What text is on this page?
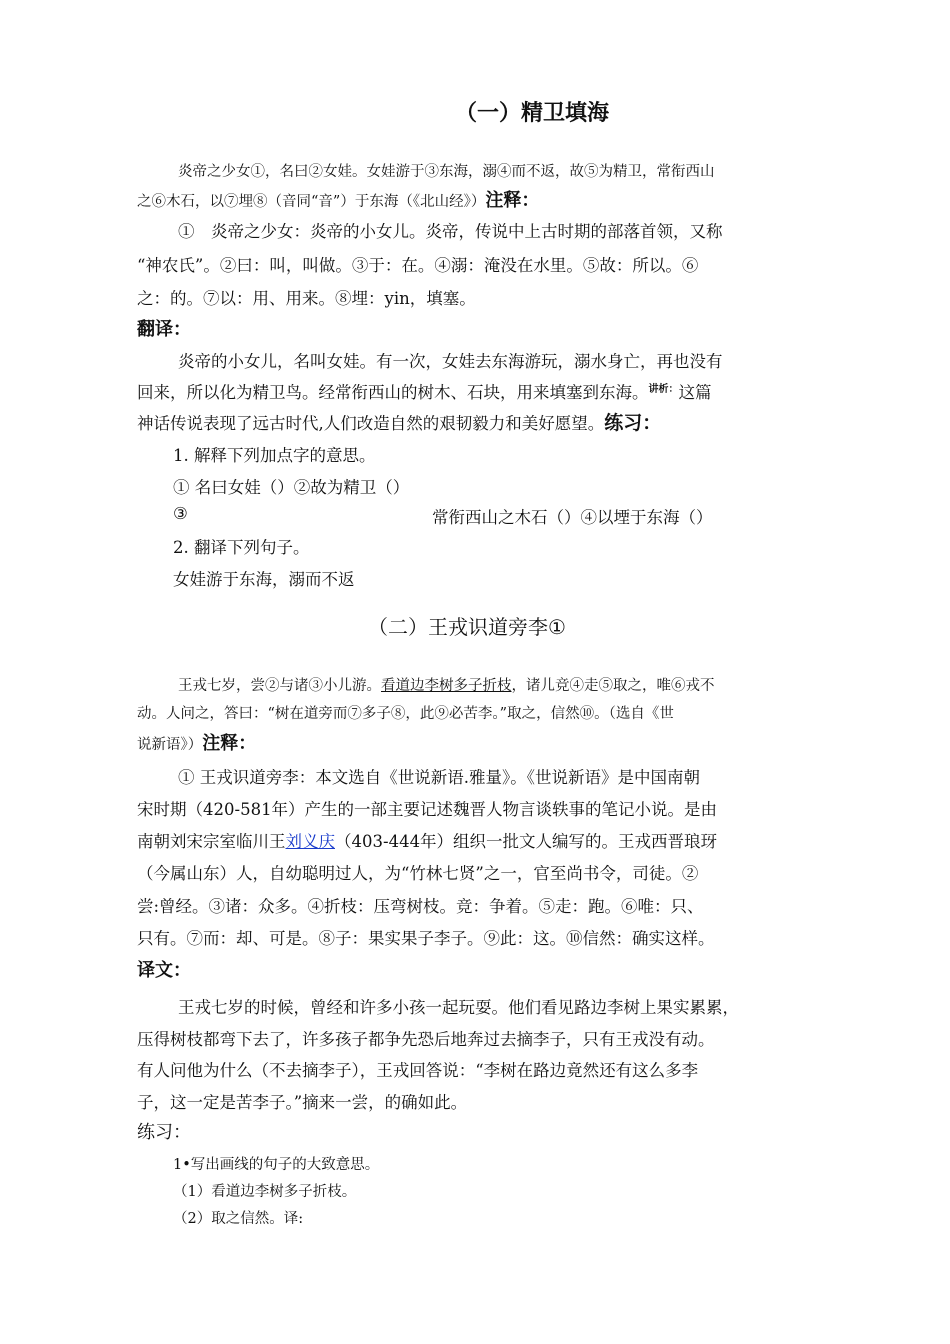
（一）精卫填海
炎帝之少女①，名曰②女娃。女娃游于③东海，溺④而不返，故⑤为精卫，常衔西山
之⑥木石，以⑦埋⑧（音同“音”）于东海（《北山经》）注释：
①　炎帝之少女：炎帝的小女儿。炎帝，传说中上古时期的部落首领，又称
“神农氏”。②曰：叫，叫做。③于：在。④溺：淹没在水里。⑤故：所以。⑥
之：的。⑦以：用、用来。⑧埋：yin，填塞。
翻译：
炎帝的小女儿，名叫女娃。有一次，女娃去东海游玩，溺水身亡，再也没有
回来，所以化为精卫鸟。经常衔西山的树木、石块，用来填塞到东海。$^{讲析:}$这篇
神话传说表现了远古时代,人们改造自然的艰韧毅力和美好愿望。练习：
1. 解释下列加点字的意思。
① 名曰女娃（）②故为精卫（）
③	常衔西山之木石（）④以堙于东海（）
2. 翻译下列句子。
女娃游于东海，溺而不返
（二）王戎识道旁李①
王戎七岁，尝②与诸③小儿游。看道边李树多子折枝，诸儿竞④走⑤取之，唯⑥戎不
动。人问之，答曰：“树在道旁而⑦多子⑧，此⑨必苦李。”取之，信然⑩。（选自《世
说新语》）注释：
① 王戎识道旁李：本文选自《世说新语.雅量》。《世说新语》是中国南朝
宋时期（420-581年）产生的一部主要记述魏晋人物言谈轶事的笔记小说。是由
南朝刘宋宗室临川王刘义庆（403-444年）组织一批文人编写的。王戎西晋琅玡
（今属山东）人，自幼聪明过人，为“竹林七贤”之一，官至尚书令，司徒。②
尝:曾经。③诸：众多。④折枝：压弯树枝。竞：争着。⑤走：跑。⑥唯：只、
只有。⑦而：却、可是。⑧子：果实果子李子。⑨此：这。⑩信然：确实这样。
译文：
王戎七岁的时候，曾经和许多小孩一起玩耍。他们看见路边李树上果实累累，
压得树枝都弯下去了，许多孩子都争先恐后地奔过去摘李子，只有王戎没有动。
有人问他为什么（不去摘李子），王戎回答说：“李树在路边竟然还有这么多李
子，这一定是苦李子。”摘来一尝，的确如此。
练习：
1•写出画线的句子的大致意思。
（1）看道边李树多子折枝。
（2）取之信然。译:
